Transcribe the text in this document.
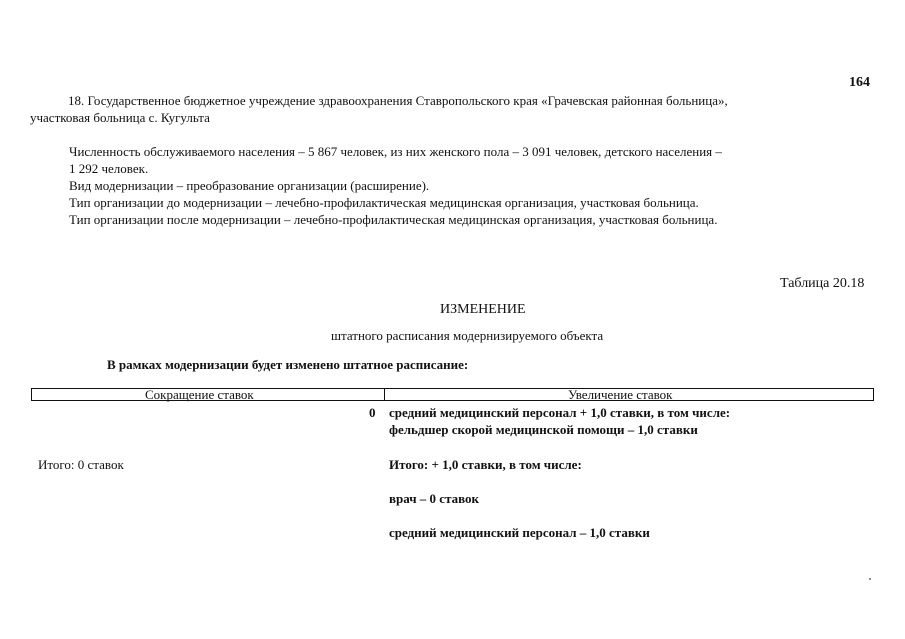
164
18. Государственное бюджетное учреждение здравоохранения Ставропольского края «Грачевская районная больница»,
участковая больница с. Кугульта
Численность обслуживаемого населения – 5 867 человек, из них женского пола – 3 091 человек, детского населения –
1 292 человек.
Вид модернизации – преобразование организации (расширение).
Тип организации до модернизации – лечебно-профилактическая медицинская организация, участковая больница.
Тип организации после модернизации – лечебно-профилактическая медицинская организация, участковая больница.
Таблица 20.18
ИЗМЕНЕНИЕ
штатного расписания модернизируемого объекта
В рамках модернизации будет изменено штатное расписание:
Сокращение ставок	Увеличение ставок
0 средний медицинский персонал + 1,0 ставки, в том числе:
фельдшер скорой медицинской помощи – 1,0 ставки
Итого: 0 ставок	Итого: + 1,0 ставки, в том числе:
врач – 0 ставок
средний медицинский персонал – 1,0 ставки
